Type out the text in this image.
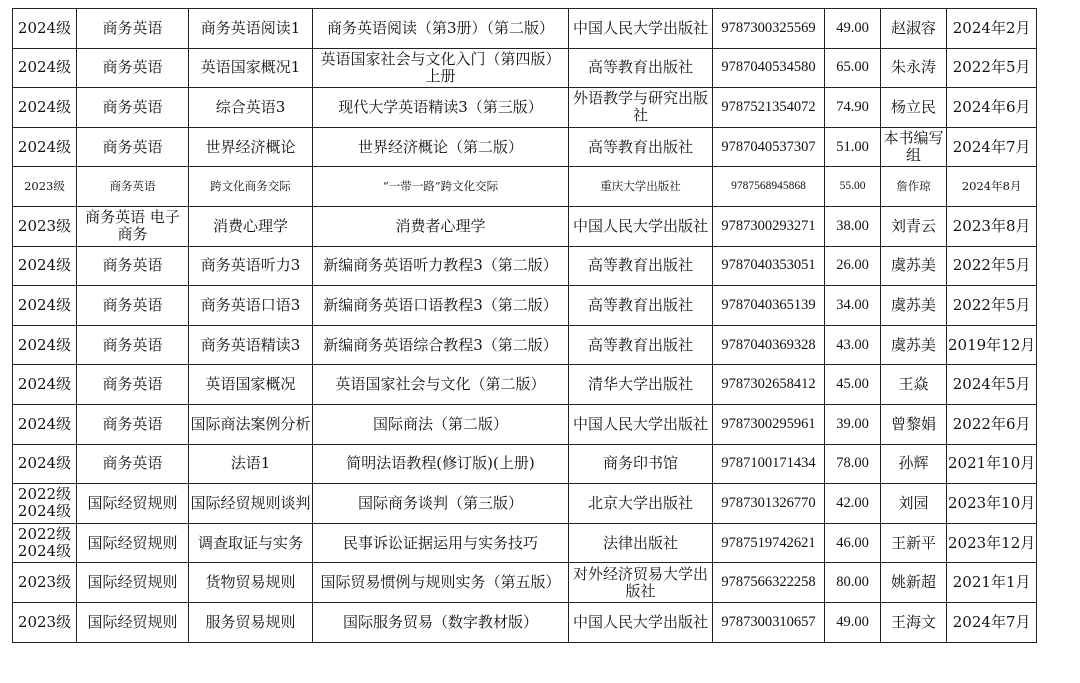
2024级	商务英语	商务英语阅读1	商务英语阅读（第3册）（第二版）	中国人民大学出版社	9787300325569	49.00	赵淑容	2024年2月
2024级	商务英语	英语国家概况1	英语国家社会与文化入门（第四版）上册	高等教育出版社	9787040534580	65.00	朱永涛	2022年5月
2024级	商务英语	综合英语3	现代大学英语精读3（第三版）	外语教学与研究出版社	9787521354072	74.90	杨立民	2024年6月
2024级	商务英语	世界经济概论	世界经济概论（第二版）	高等教育出版社	9787040537307	51.00	本书编写组	2024年7月
2023级	商务英语	跨文化商务交际	“一带一路”跨文化交际	重庆大学出版社	9787568945868	55.00	詹作琼	2024年8月
2023级	商务英语 电子商务	消费心理学	消费者心理学	中国人民大学出版社	9787300293271	38.00	刘青云	2023年8月
2024级	商务英语	商务英语听力3	新编商务英语听力教程3（第二版）	高等教育出版社	9787040353051	26.00	虞苏美	2022年5月
2024级	商务英语	商务英语口语3	新编商务英语口语教程3（第二版）	高等教育出版社	9787040365139	34.00	虞苏美	2022年5月
2024级	商务英语	商务英语精读3	新编商务英语综合教程3（第二版）	高等教育出版社	9787040369328	43.00	虞苏美	2019年12月
2024级	商务英语	英语国家概况	英语国家社会与文化（第二版）	清华大学出版社	9787302658412	45.00	王焱	2024年5月
2024级	商务英语	国际商法案例分析	国际商法（第二版）	中国人民大学出版社	9787300295961	39.00	曾黎娟	2022年6月
2024级	商务英语	法语1	简明法语教程(修订版)(上册)	商务印书馆	9787100171434	78.00	孙辉	2021年10月
2022级 2024级	国际经贸规则	国际经贸规则谈判	国际商务谈判（第三版）	北京大学出版社	9787301326770	42.00	刘园	2023年10月
2022级 2024级	国际经贸规则	调查取证与实务	民事诉讼证据运用与实务技巧	法律出版社	9787519742621	46.00	王新平	2023年12月
2023级	国际经贸规则	货物贸易规则	国际贸易惯例与规则实务（第五版）	对外经济贸易大学出版社	9787566322258	80.00	姚新超	2021年1月
2023级	国际经贸规则	服务贸易规则	国际服务贸易（数字教材版）	中国人民大学出版社	9787300310657	49.00	王海文	2024年7月
